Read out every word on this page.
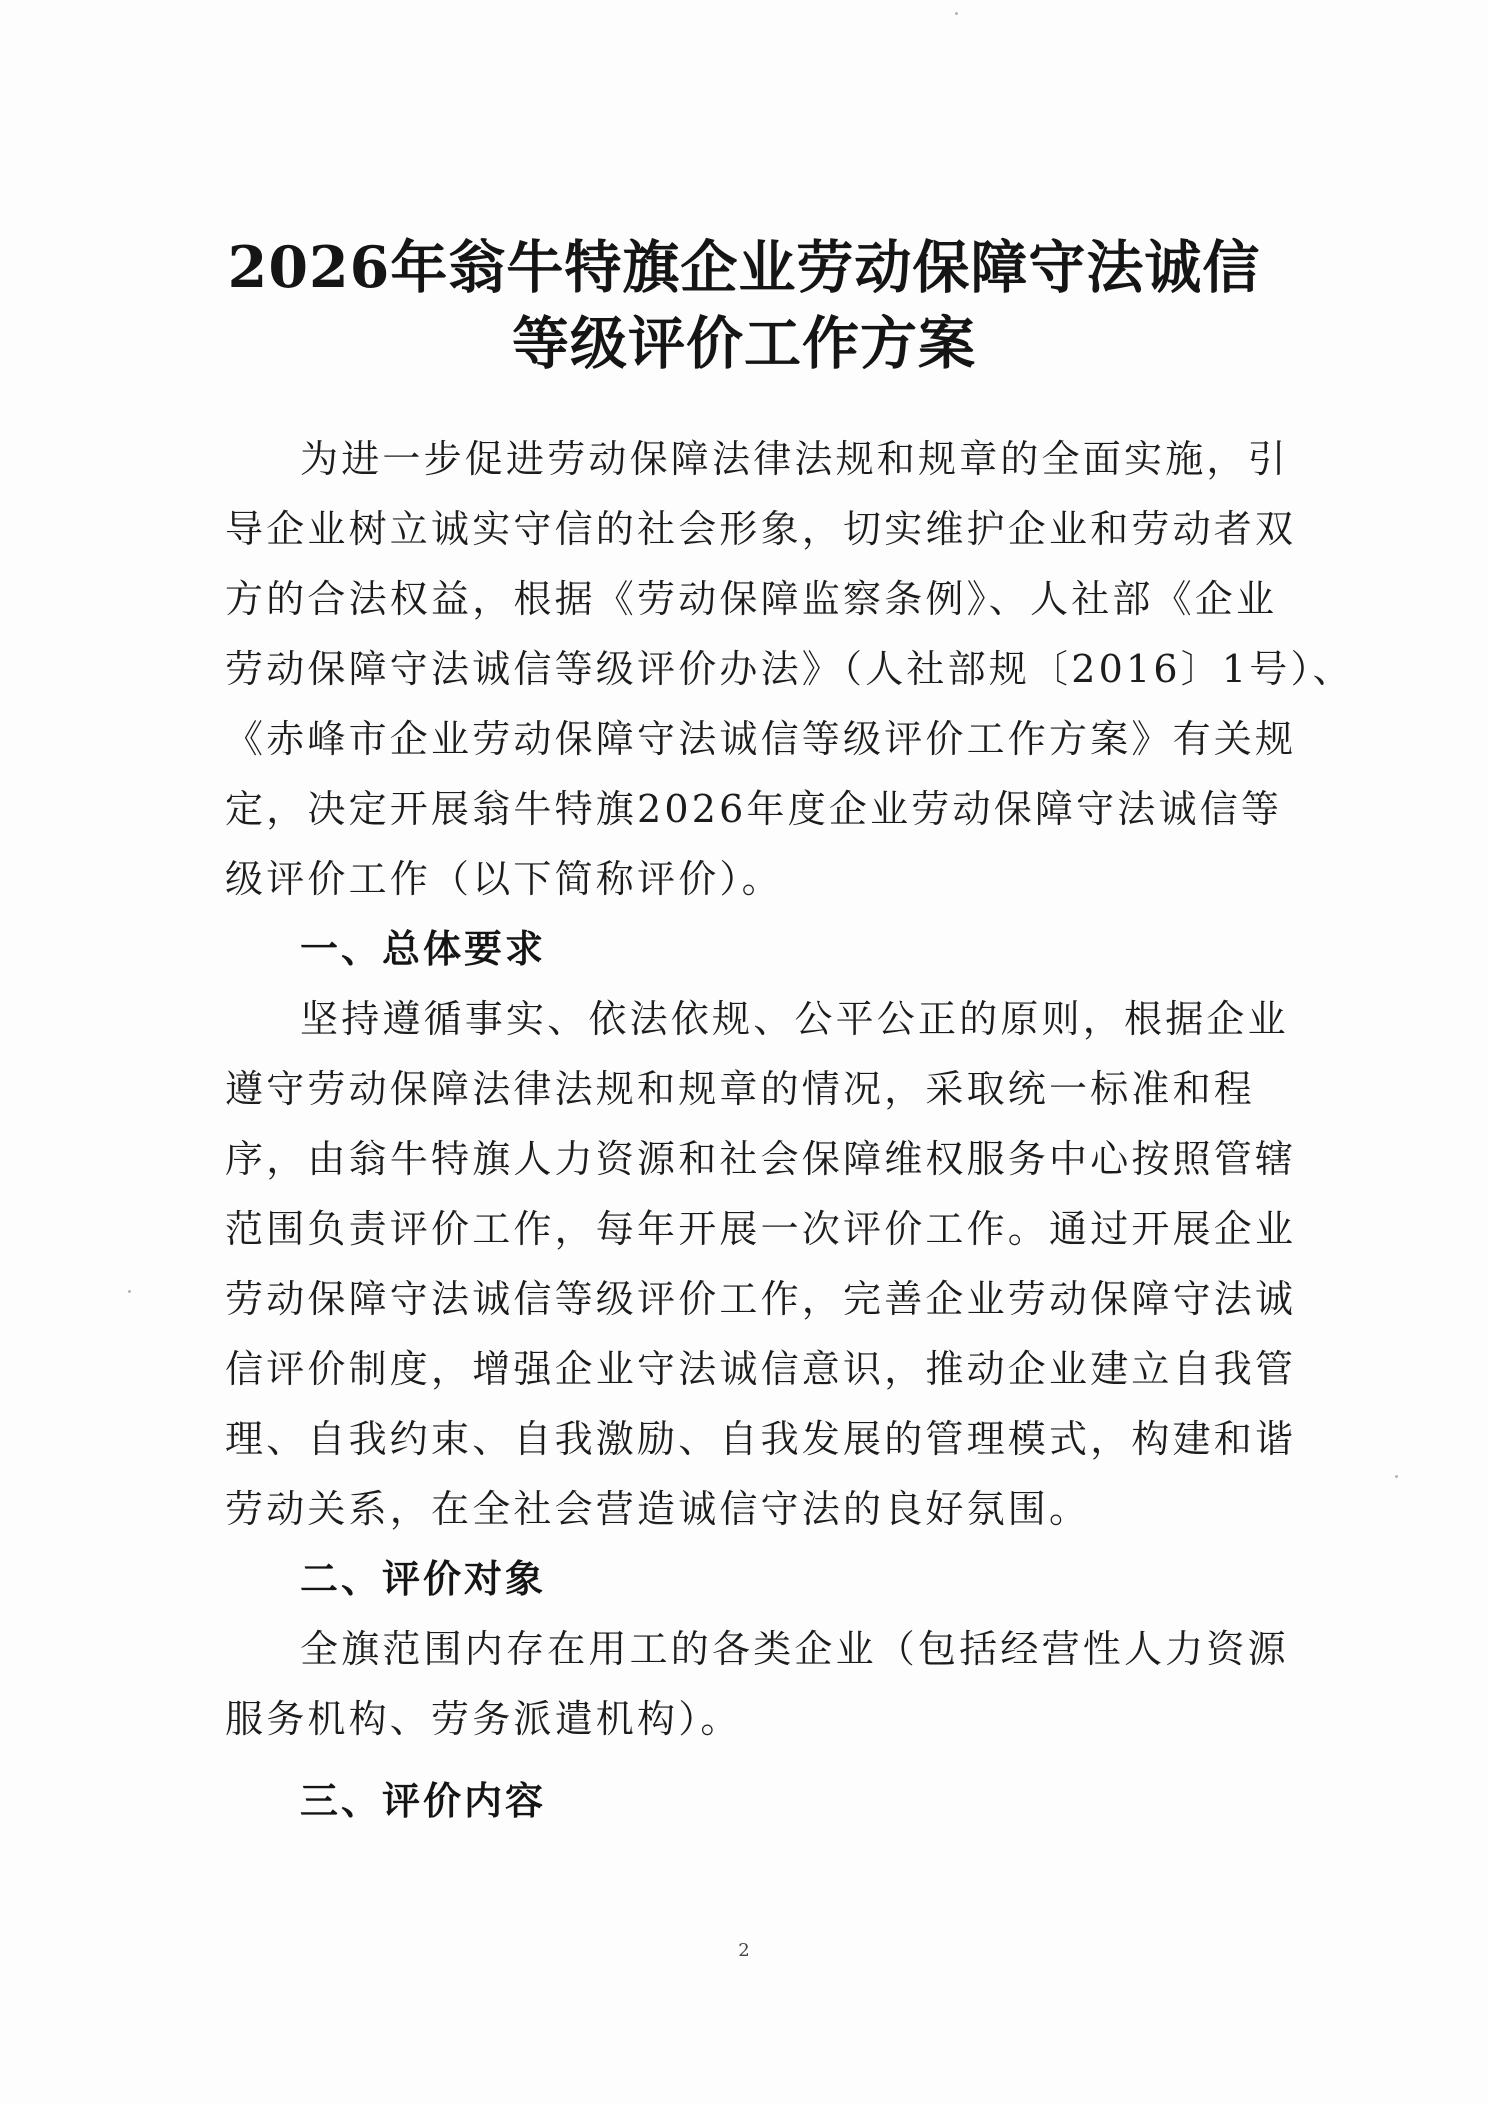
2026年翁牛特旗企业劳动保障守法诚信
等级评价工作方案

为进一步促进劳动保障法律法规和规章的全面实施，引

导企业树立诚实守信的社会形象，切实维护企业和劳动者双

方的合法权益，根据《劳动保障监察条例》、人社部《企业

劳动保障守法诚信等级评价办法》（人社部规〔2016〕1号）、

《赤峰市企业劳动保障守法诚信等级评价工作方案》有关规

定，决定开展翁牛特旗2026年度企业劳动保障守法诚信等

级评价工作（以下简称评价）。

一、总体要求

坚持遵循事实、依法依规、公平公正的原则，根据企业

遵守劳动保障法律法规和规章的情况，采取统一标准和程

序，由翁牛特旗人力资源和社会保障维权服务中心按照管辖

范围负责评价工作，每年开展一次评价工作。通过开展企业

劳动保障守法诚信等级评价工作，完善企业劳动保障守法诚

信评价制度，增强企业守法诚信意识，推动企业建立自我管

理、自我约束、自我激励、自我发展的管理模式，构建和谐

劳动关系，在全社会营造诚信守法的良好氛围。

二、评价对象

全旗范围内存在用工的各类企业（包括经营性人力资源

服务机构、劳务派遣机构）。

三、评价内容
2
